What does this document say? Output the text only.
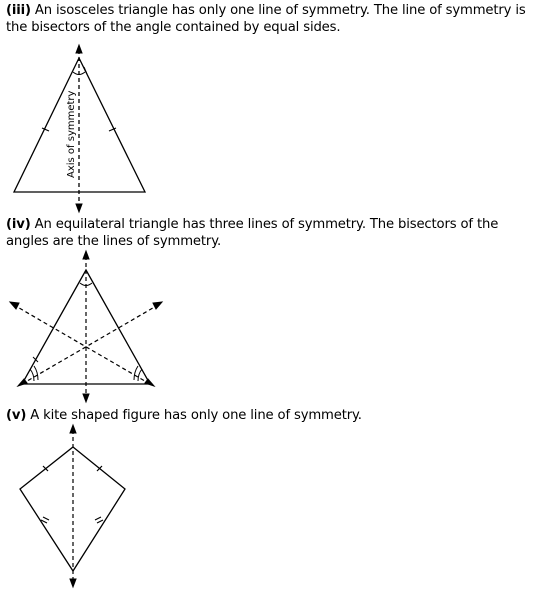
(iii) An isosceles triangle has only one line of symmetry. The line of symmetry is the bisectors of the angle contained by equal sides.

Axis of symmetry

(iv) An equilateral triangle has three lines of symmetry. The bisectors of the angles are the lines of symmetry.

(v) A kite shaped figure has only one line of symmetry.
